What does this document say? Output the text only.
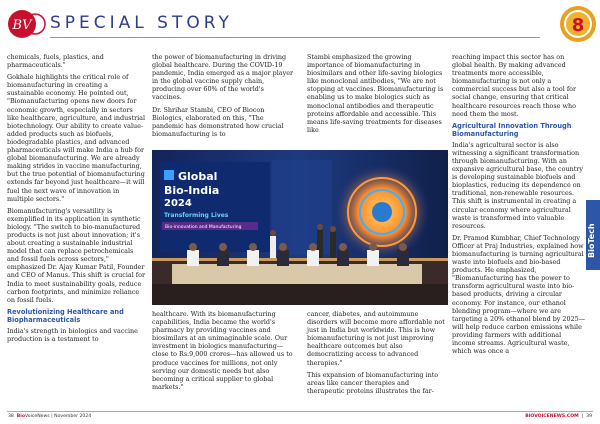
BV SPECIAL STORY	8

chemicals, fuels, plastics, and pharmaceuticals."

Gokhale highlights the critical role of biomanufacturing in creating a sustainable economy. He pointed out, "Biomanufacturing opens new doors for economic growth, especially in sectors like healthcare, agriculture, and industrial biotechnology. Our ability to create value-added products such as biofuels, biodegradable plastics, and advanced pharmaceuticals will make India a hub for global biomanufacturing. We are already making strides in vaccine manufacturing, but the true potential of biomanufacturing extends far beyond just healthcare—it will fuel the next wave of innovation in multiple sectors."

Biomanufacturing's versatility is exemplified in its application in synthetic biology. "The switch to bio-manufactured products is not just about innovation; it's about creating a sustainable industrial model that can replace petrochemicals and fossil fuels across sectors," emphasized Dr. Ajay Kumar Patil, Founder and CEO of Manus. This shift is crucial for India to meet sustainability goals, reduce carbon footprints, and minimize reliance on fossil fuels.

Revolutionizing Healthcare and Biopharmaceuticals

India's strength in biologics and vaccine production is a testament to

the power of biomanufacturing in driving global healthcare. During the COVID-19 pandemic, India emerged as a major player in the global vaccine supply chain, producing over 60% of the world's vaccines.

Dr. Shrihar Stambi, CEO of Biocon Biologics, elaborated on this, "The pandemic has demonstrated how crucial biomanufacturing is to

Stambi emphasized the growing importance of biomanufacturing in biosimilars and other life-saving biologics like monoclonal antibodies, "We are not stopping at vaccines. Biomanufacturing is enabling us to make biologics such as monoclonal antibodies and therapeutic proteins affordable and accessible. This means life-saving treatments for diseases like

reaching impact this sector has on global health. By making advanced treatments more accessible, biomanufacturing is not only a commercial success but also a tool for social change, ensuring that critical healthcare resources reach those who need them the most.

Agricultural Innovation Through Biomanufacturing

India's agricultural sector is also witnessing a significant transformation through biomanufacturing. With an expansive agricultural base, the country is developing sustainable biofuels and bioplastics, reducing its dependence on traditional, non-renewable resources. This shift is instrumental in creating a circular economy where agricultural waste is transformed into valuable resources.

Dr. Pramod Kumbhar, Chief Technology Officer at Praj Industries, explained how biomanufacturing is turning agricultural waste into biofuels and bio-based products. He emphasized, "Biomanufacturing has the power to transform agricultural waste into bio-based products, driving a circular economy. For instance, our ethanol blending program—where we are targeting a 20% ethanol blend by 2025—will help reduce carbon emissions while providing farmers with additional income streams. Agricultural waste, which was once a

Global
Bio-India
2024
Transforming Lives
Bio-innovation and Manufacturing

healthcare. With its biomanufacturing capabilities, India became the world's pharmacy by providing vaccines and biosimilars at an unimaginable scale. Our investment in biologics manufacturing—close to Rs.9,000 crores—has allowed us to produce vaccines for millions, not only serving our domestic needs but also becoming a critical supplier to global markets."

cancer, diabetes, and autoimmune disorders will become more affordable not just in India but worldwide. This is how biomanufacturing is not just improving healthcare outcomes but also democratizing access to advanced therapies."

This expansion of biomanufacturing into areas like cancer therapies and therapeutic proteins illustrates the far-

BioTech
38 BioVoiceNews | November 2024	BIOVOICENEWS.COM  |  39
